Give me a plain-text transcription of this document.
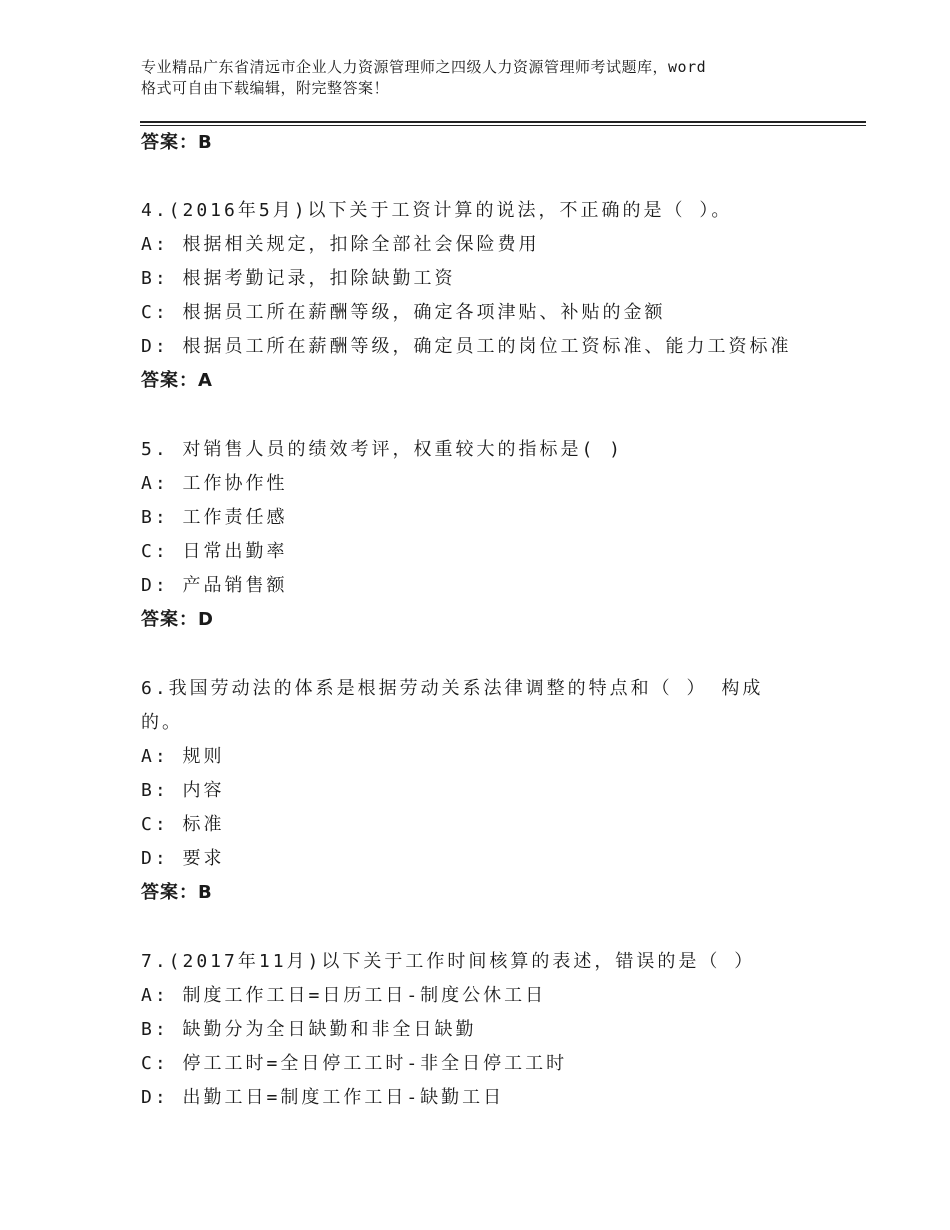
专业精品广东省清远市企业人力资源管理师之四级人力资源管理师考试题库，word
格式可自由下载编辑，附完整答案！
答案：B
4.(2016年5月)以下关于工资计算的说法，不正确的是（ ）。
A: 根据相关规定，扣除全部社会保险费用
B: 根据考勤记录，扣除缺勤工资
C: 根据员工所在薪酬等级，确定各项津贴、补贴的金额
D: 根据员工所在薪酬等级，确定员工的岗位工资标准、能力工资标准
答案：A
5. 对销售人员的绩效考评，权重较大的指标是( )
A: 工作协作性
B: 工作责任感
C: 日常出勤率
D: 产品销售额
答案：D
6.我国劳动法的体系是根据劳动关系法律调整的特点和（ ） 构成
的。
A: 规则
B: 内容
C: 标准
D: 要求
答案：B
7.(2017年11月)以下关于工作时间核算的表述，错误的是（ ）
A: 制度工作工日=日历工日-制度公休工日
B: 缺勤分为全日缺勤和非全日缺勤
C: 停工工时=全日停工工时-非全日停工工时
D: 出勤工日=制度工作工日-缺勤工日
